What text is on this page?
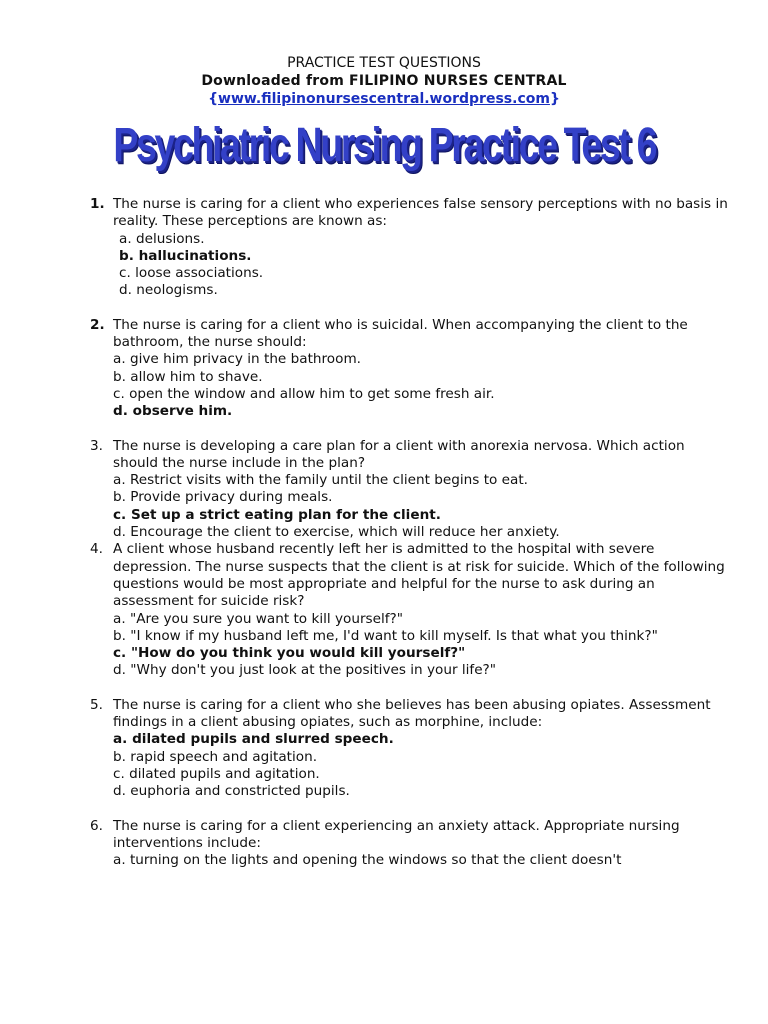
PRACTICE TEST QUESTIONS
Downloaded from FILIPINO NURSES CENTRAL
{www.filipinonursescentral.wordpress.com}
Psychiatric Nursing Practice Test 6
1. The nurse is caring for a client who experiences false sensory perceptions with no basis in reality. These perceptions are known as:
a. delusions.
b. hallucinations.
c. loose associations.
d. neologisms.
2. The nurse is caring for a client who is suicidal. When accompanying the client to the bathroom, the nurse should:
a. give him privacy in the bathroom.
b. allow him to shave.
c. open the window and allow him to get some fresh air.
d. observe him.
3. The nurse is developing a care plan for a client with anorexia nervosa. Which action should the nurse include in the plan?
a. Restrict visits with the family until the client begins to eat.
b. Provide privacy during meals.
c. Set up a strict eating plan for the client.
d. Encourage the client to exercise, which will reduce her anxiety.
4. A client whose husband recently left her is admitted to the hospital with severe depression. The nurse suspects that the client is at risk for suicide. Which of the following questions would be most appropriate and helpful for the nurse to ask during an assessment for suicide risk?
a. "Are you sure you want to kill yourself?"
b. "I know if my husband left me, I'd want to kill myself. Is that what you think?"
c. "How do you think you would kill yourself?"
d. "Why don't you just look at the positives in your life?"
5. The nurse is caring for a client who she believes has been abusing opiates. Assessment findings in a client abusing opiates, such as morphine, include:
a. dilated pupils and slurred speech.
b. rapid speech and agitation.
c. dilated pupils and agitation.
d. euphoria and constricted pupils.
6. The nurse is caring for a client experiencing an anxiety attack. Appropriate nursing interventions include:
a. turning on the lights and opening the windows so that the client doesn't
